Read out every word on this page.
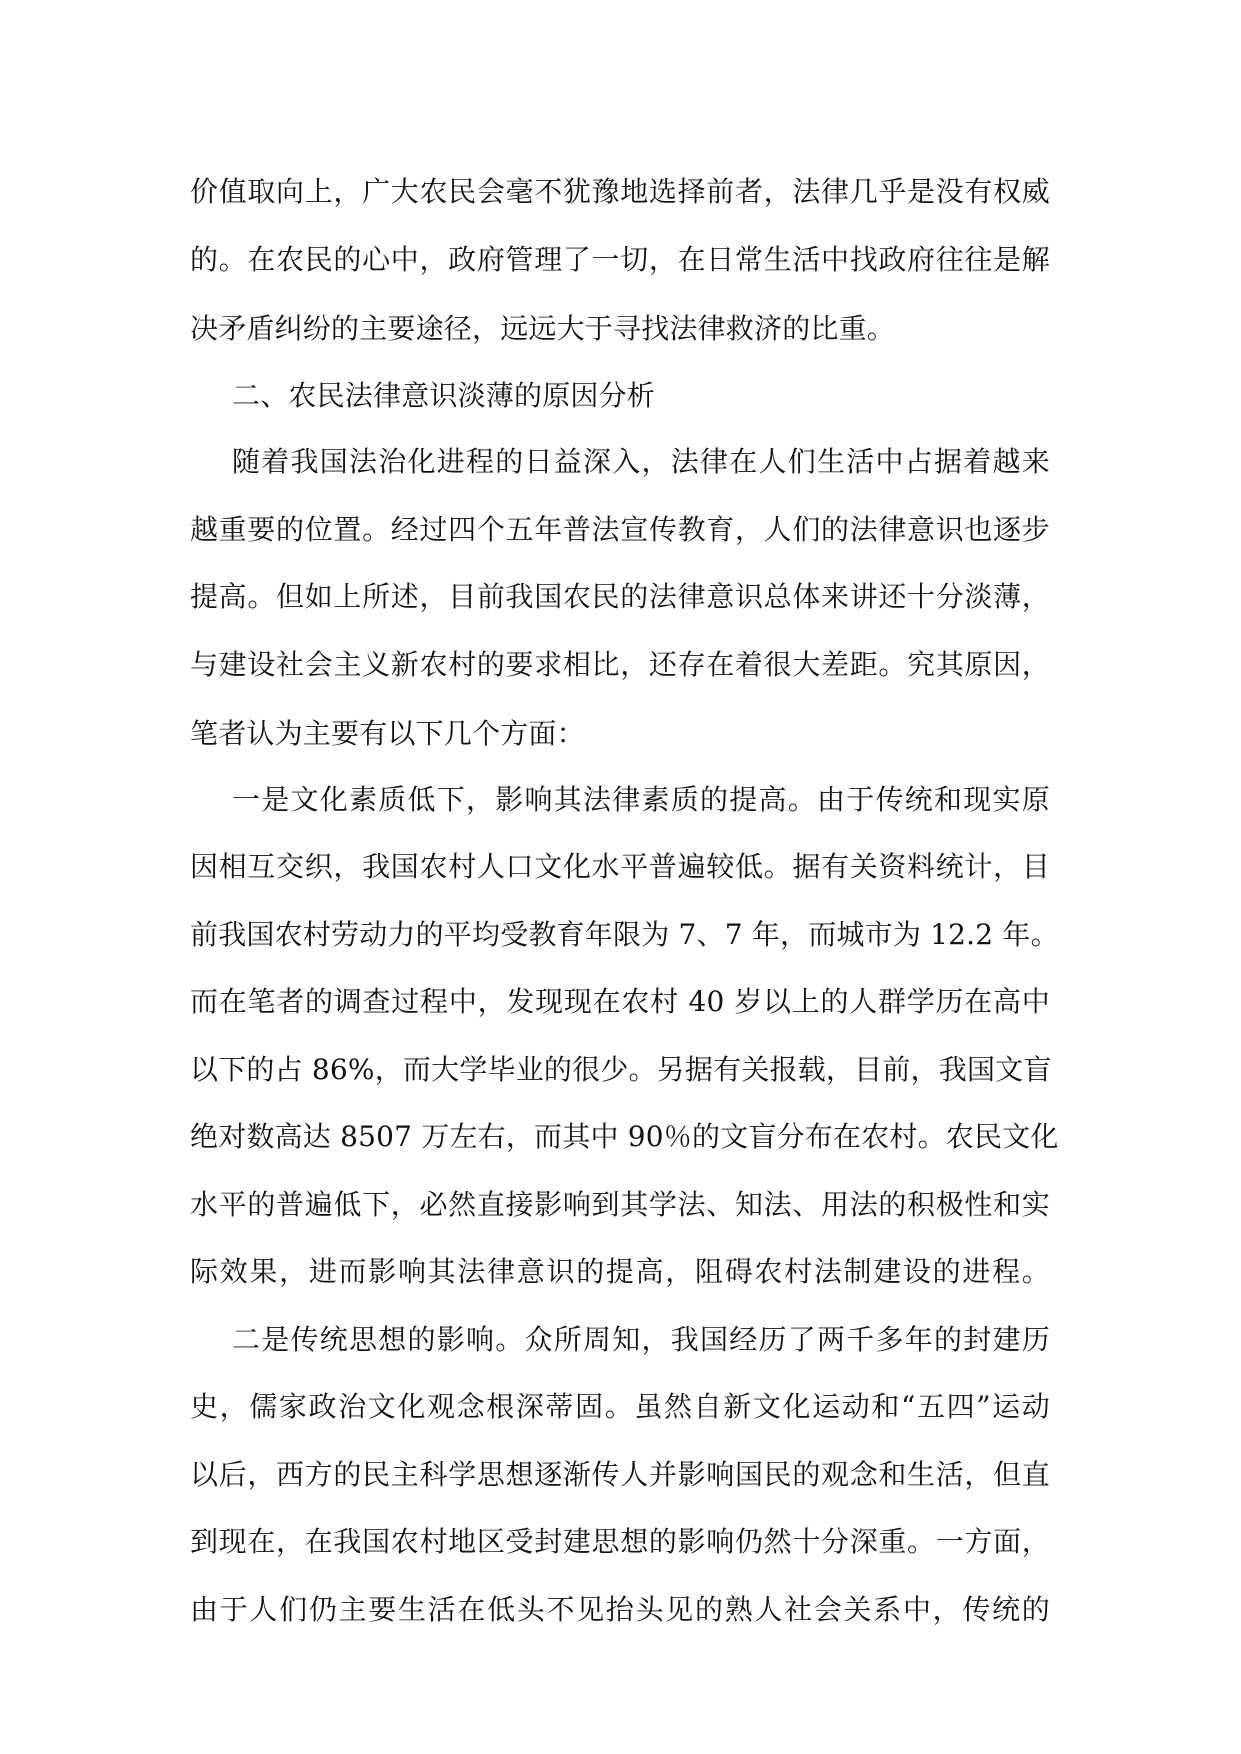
价值取向上，广大农民会毫不犹豫地选择前者，法律几乎是没有权威
的。在农民的心中，政府管理了一切，在日常生活中找政府往往是解
决矛盾纠纷的主要途径，远远大于寻找法律救济的比重。
二、农民法律意识淡薄的原因分析
随着我国法治化进程的日益深入，法律在人们生活中占据着越来
越重要的位置。经过四个五年普法宣传教育，人们的法律意识也逐步
提高。但如上所述，目前我国农民的法律意识总体来讲还十分淡薄，
与建设社会主义新农村的要求相比，还存在着很大差距。究其原因，
笔者认为主要有以下几个方面：
一是文化素质低下，影响其法律素质的提高。由于传统和现实原
因相互交织，我国农村人口文化水平普遍较低。据有关资料统计，目
前我国农村劳动力的平均受教育年限为 7、7 年，而城市为 12.2 年。
而在笔者的调查过程中，发现现在农村 40 岁以上的人群学历在高中
以下的占 86%，而大学毕业的很少。另据有关报载，目前，我国文盲
绝对数高达 8507 万左右，而其中 90％的文盲分布在农村。农民文化
水平的普遍低下，必然直接影响到其学法、知法、用法的积极性和实
际效果，进而影响其法律意识的提高，阻碍农村法制建设的进程。
二是传统思想的影响。众所周知，我国经历了两千多年的封建历
史，儒家政治文化观念根深蒂固。虽然自新文化运动和“五四”运动
以后，西方的民主科学思想逐渐传人并影响国民的观念和生活，但直
到现在，在我国农村地区受封建思想的影响仍然十分深重。一方面，
由于人们仍主要生活在低头不见抬头见的熟人社会关系中，传统的
